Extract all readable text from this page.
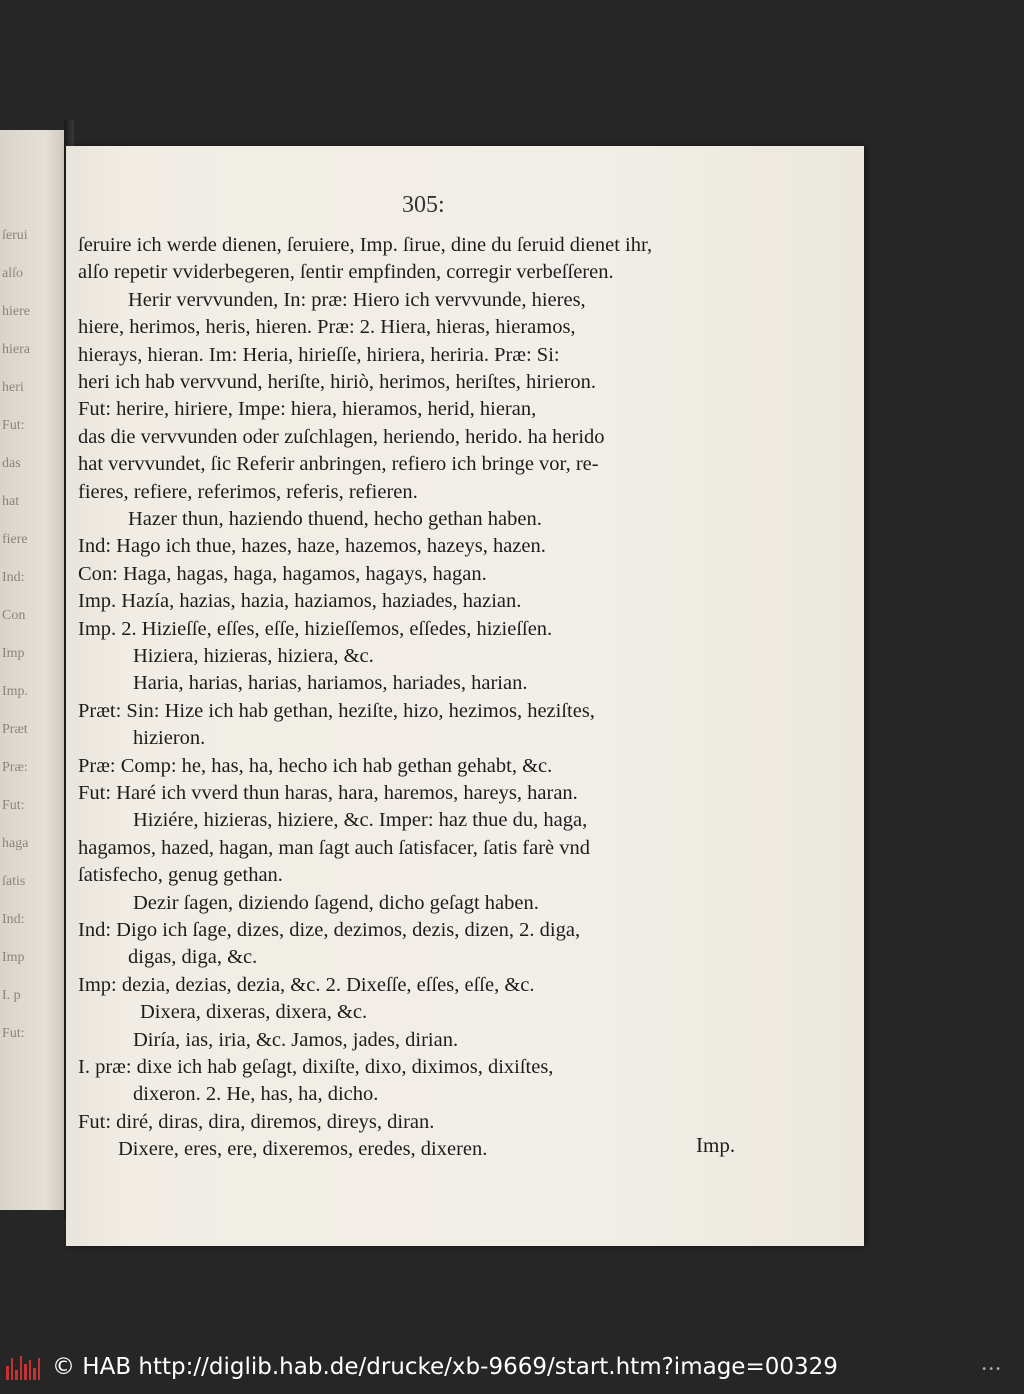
ſerui
alſo
hiere
hiera
heri
Fut:
das
hat
fiere
Ind:
Con
Imp
Imp.
Præt
Præ:
Fut:
haga
ſatis
Ind:
Imp
I. p
Fut:
305:
alſo repetir vviderbegeren, ſentir empfinden, corregir verbeſſeren.
Herir vervvunden, In: præ: Hiero ich vervvunde, hieres,
hiere, herimos, heris, hieren. Præ: 2. Hiera, hieras, hieramos,
hierays, hieran. Im: Heria, hirieſſe, hiriera, heriria. Præ: Si:
heri ich hab vervvund, heriſte, hiriò, herimos, heriſtes, hirieron.
Fut: herire, hiriere, Impe: hiera, hieramos, herid, hieran,
das die vervvunden oder zuſchlagen, heriendo, herido. ha herido
hat vervvundet, ſic Referir anbringen, refiero ich bringe vor, re-
fieres, refiere, referimos, referis, refieren.
Hazer thun, haziendo thuend, hecho gethan haben.
Ind: Hago ich thue, hazes, haze, hazemos, hazeys, hazen.
Con: Haga, hagas, haga, hagamos, hagays, hagan.
Imp. Hazía, hazias, hazia, haziamos, haziades, hazian.
Imp. 2. Hizieſſe, eſſes, eſſe, hizieſſemos, eſſedes, hizieſſen.
Hiziera, hizieras, hiziera, &c.
Haria, harias, harias, hariamos, hariades, harian.
Præt: Sin: Hize ich hab gethan, heziſte, hizo, hezimos, heziſtes,
hizieron.
Præ: Comp: he, has, ha, hecho ich hab gethan gehabt, &c.
Fut: Haré ich vverd thun haras, hara, haremos, hareys, haran.
Hiziére, hizieras, hiziere, &c. Imper: haz thue du, haga,
hagamos, hazed, hagan, man ſagt auch ſatisfacer, ſatis farè vnd
ſatisfecho, genug gethan.
Dezir ſagen, diziendo ſagend, dicho geſagt haben.
Ind: Digo ich ſage, dizes, dize, dezimos, dezis, dizen, 2. diga,
digas, diga, &c.
Imp: dezia, dezias, dezia, &c. 2. Dixeſſe, eſſes, eſſe, &c.
Dixera, dixeras, dixera, &c.
Diría, ias, iria, &c. Jamos, jades, dirian.
I. præ: dixe ich hab geſagt, dixiſte, dixo, diximos, dixiſtes,
dixeron. 2. He, has, ha, dicho.
Fut: diré, diras, dira, diremos, direys, diran.
Dixere, eres, ere, dixeremos, eredes, dixeren.
ſeruire ich werde dienen, ſeruiere, Imp. ſirue, dine du ſeruid dienet ihr,
Imp.
© HAB http://diglib.hab.de/drucke/xb-9669/start.htm?image=00329	•••
